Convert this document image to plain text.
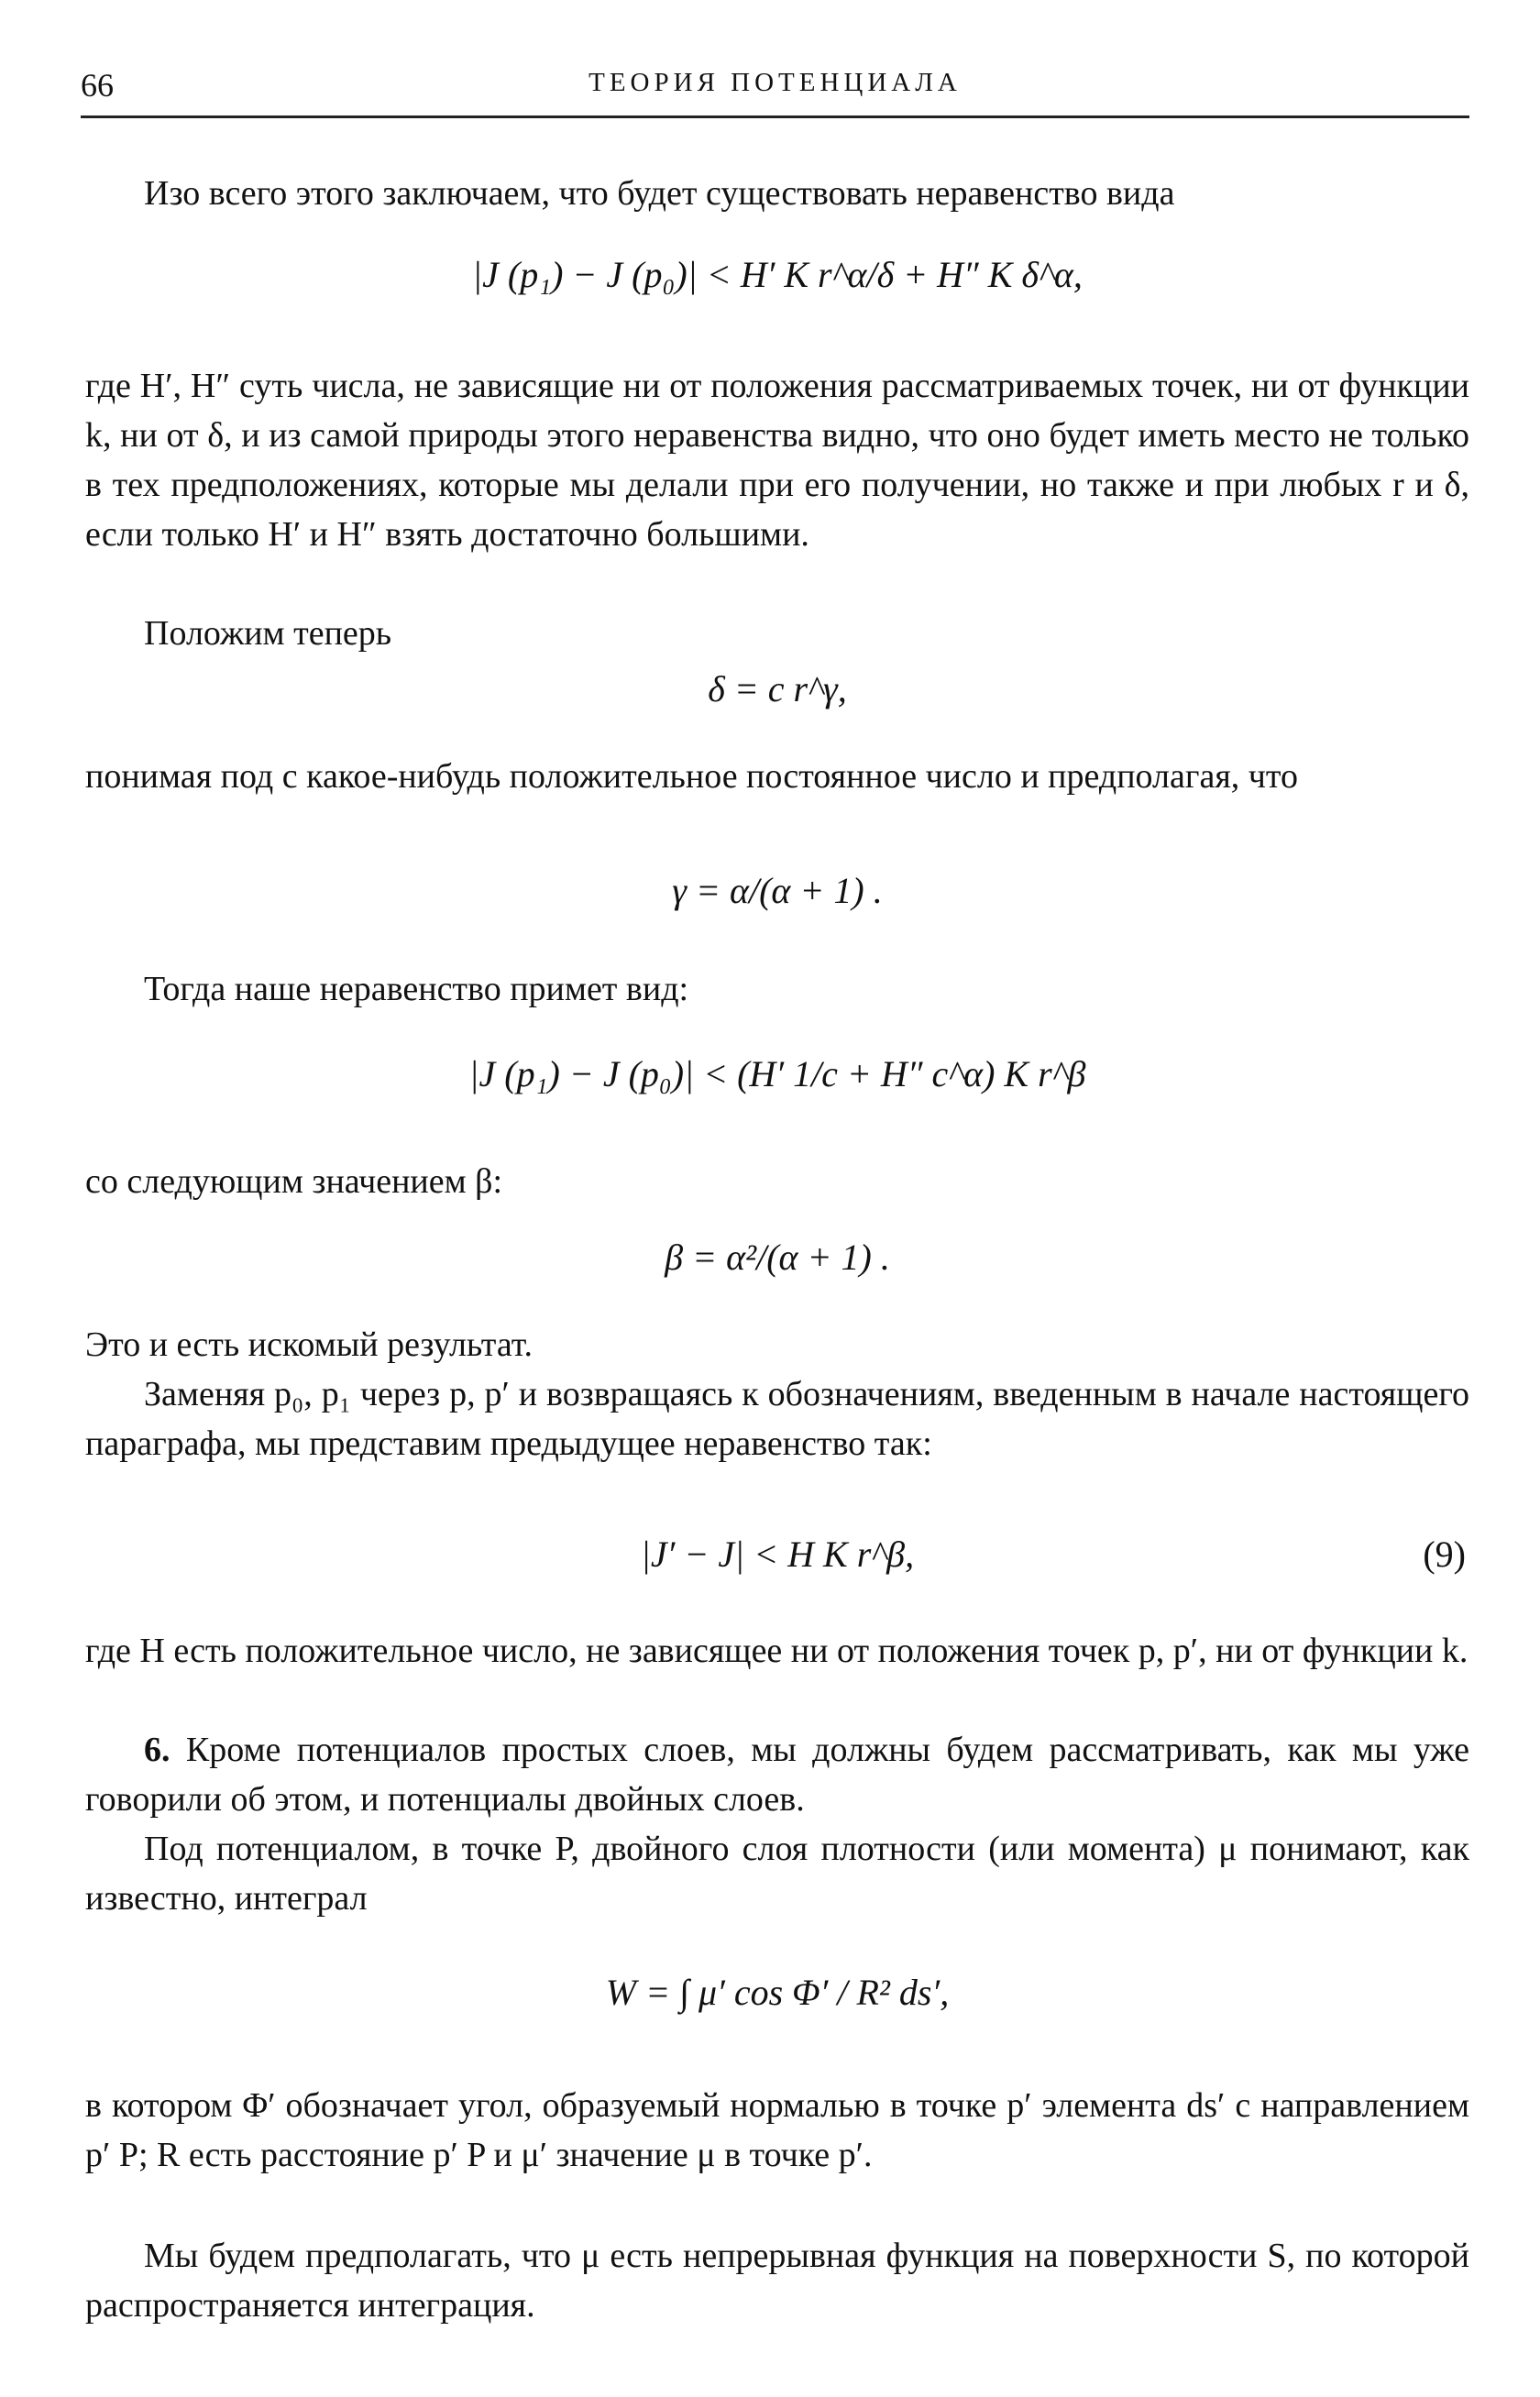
66	ТЕОРИЯ ПОТЕНЦИАЛА

Изо всего этого заключаем, что будет существовать неравенство вида

|J (p₁) − J (p₀)| < H′ K r^α/δ + H″ K δ^α,

где H′, H″ суть числа, не зависящие ни от положения рассматриваемых точек, ни от функции k, ни от δ, и из самой природы этого неравенства видно, что оно будет иметь место не только в тех предположениях, которые мы делали при его получении, но также и при любых r и δ, если только H′ и H″ взять достаточно большими.

Положим теперь

δ = c r^γ,

понимая под c какое-нибудь положительное постоянное число и предполагая, что

γ = α/(α + 1) .

Тогда наше неравенство примет вид:

|J (p₁) − J (p₀)| < (H′ 1/c + H″ c^α) K r^β

со следующим значением β:

β = α²/(α + 1) .

Это и есть искомый результат.

Заменяя p₀, p₁ через p, p′ и возвращаясь к обозначениям, введенным в начале настоящего параграфа, мы представим предыдущее неравенство так:

|J′ − J| < H K r^β,	(9)

где H есть положительное число, не зависящее ни от положения точек p, p′, ни от функции k.

6. Кроме потенциалов простых слоев, мы должны будем рассматривать, как мы уже говорили об этом, и потенциалы двойных слоев.

Под потенциалом, в точке P, двойного слоя плотности (или момента) μ понимают, как известно, интеграл

W = ∫ μ′ cos Φ′ / R² ds′,

в котором Φ′ обозначает угол, образуемый нормалью в точке p′ элемента ds′ с направлением p′ P; R есть расстояние p′ P и μ′ значение μ в точке p′.

Мы будем предполагать, что μ есть непрерывная функция на поверхности S, по которой распространяется интеграция.
